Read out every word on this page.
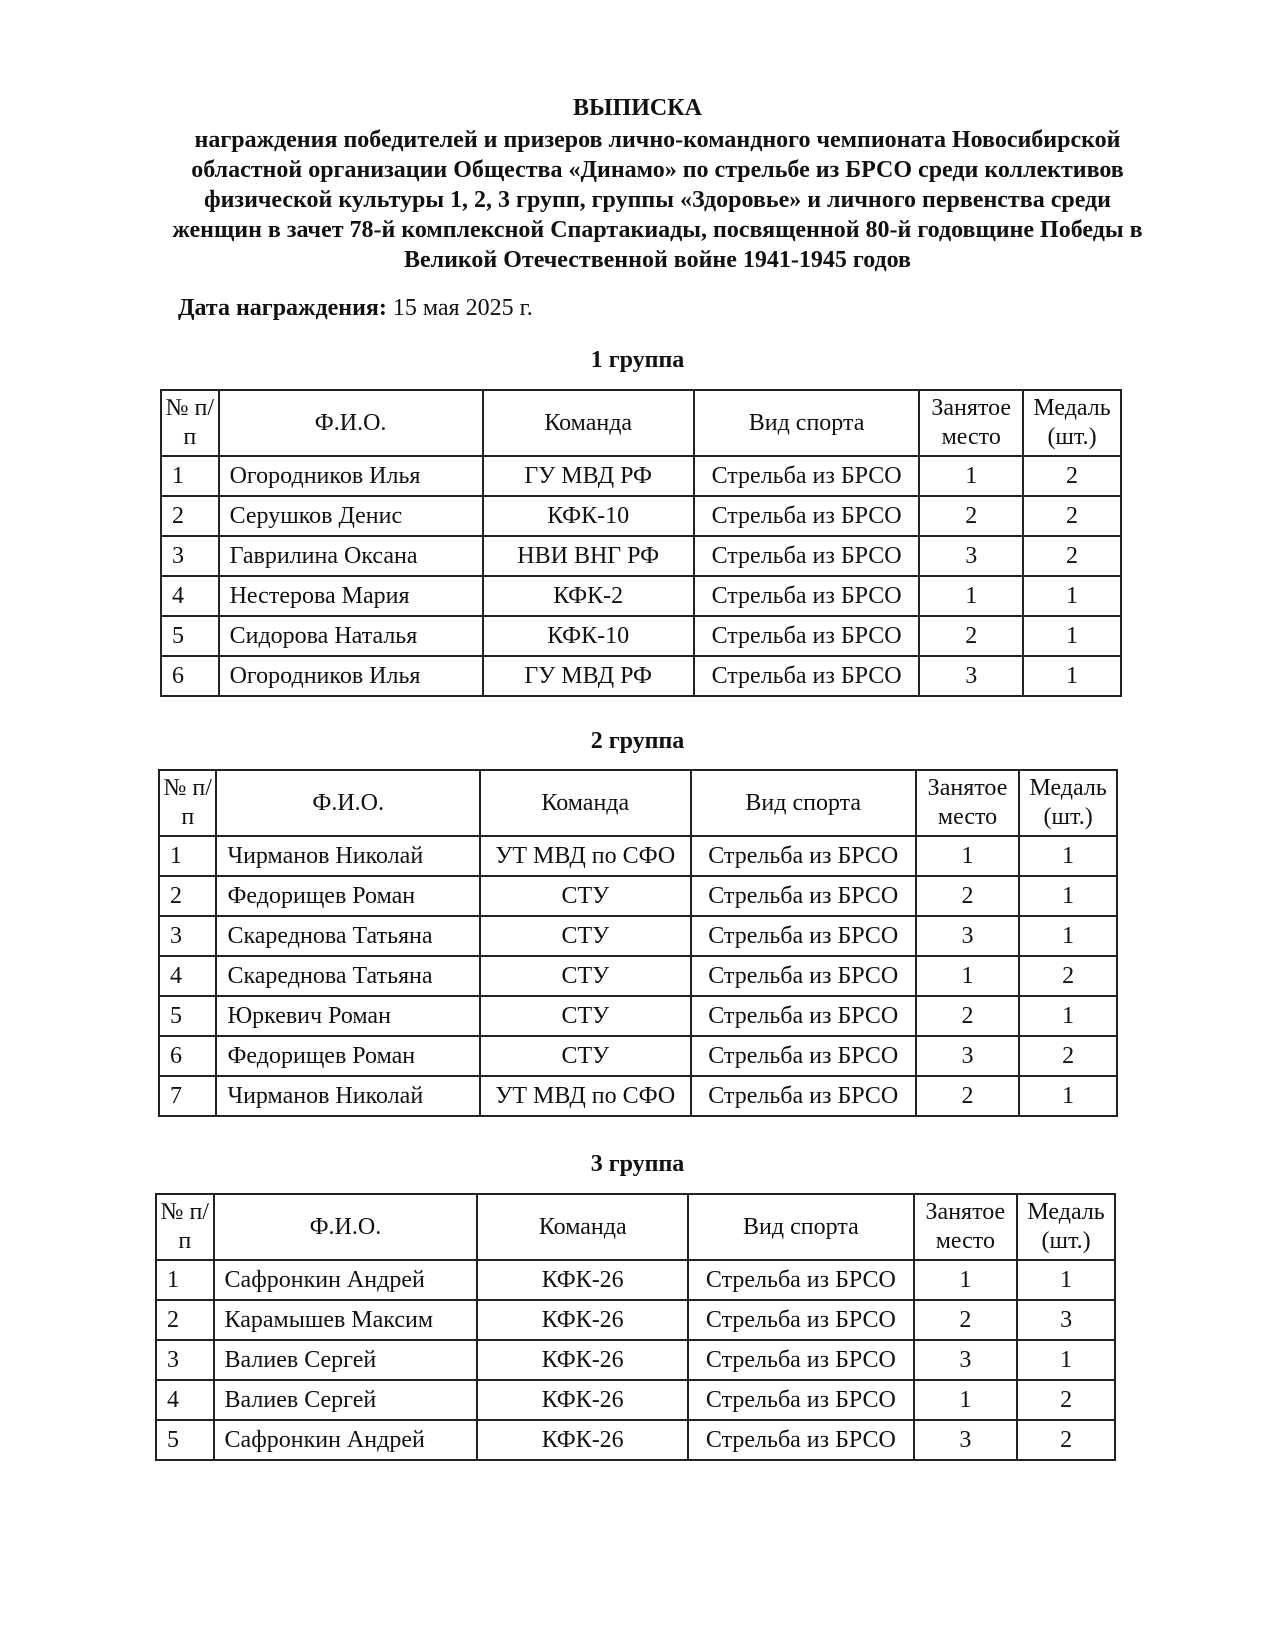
ВЫПИСКА
награждения победителей и призеров лично-командного чемпионата Новосибирской областной организации Общества «Динамо» по стрельбе из БРСО среди коллективов физической культуры 1, 2, 3 групп, группы «Здоровье» и личного первенства среди женщин в зачет 78-й комплексной Спартакиады, посвященной 80-й годовщине Победы в Великой Отечественной войне 1941-1945 годов
Дата награждения: 15 мая 2025 г.
1 группа
№ п/п	Ф.И.О.	Команда	Вид спорта	Занятое место	Медаль (шт.)
1	Огородников Илья	ГУ МВД РФ	Стрельба из БРСО	1	2
2	Серушков Денис	КФК-10	Стрельба из БРСО	2	2
3	Гаврилина Оксана	НВИ ВНГ РФ	Стрельба из БРСО	3	2
4	Нестерова Мария	КФК-2	Стрельба из БРСО	1	1
5	Сидорова Наталья	КФК-10	Стрельба из БРСО	2	1
6	Огородников Илья	ГУ МВД РФ	Стрельба из БРСО	3	1
2 группа
№ п/п	Ф.И.О.	Команда	Вид спорта	Занятое место	Медаль (шт.)
1	Чирманов Николай	УТ МВД по СФО	Стрельба из БРСО	1	1
2	Федорищев Роман	СТУ	Стрельба из БРСО	2	1
3	Скареднова Татьяна	СТУ	Стрельба из БРСО	3	1
4	Скареднова Татьяна	СТУ	Стрельба из БРСО	1	2
5	Юркевич Роман	СТУ	Стрельба из БРСО	2	1
6	Федорищев Роман	СТУ	Стрельба из БРСО	3	2
7	Чирманов Николай	УТ МВД по СФО	Стрельба из БРСО	2	1
3 группа
№ п/п	Ф.И.О.	Команда	Вид спорта	Занятое место	Медаль (шт.)
1	Сафронкин Андрей	КФК-26	Стрельба из БРСО	1	1
2	Карамышев Максим	КФК-26	Стрельба из БРСО	2	3
3	Валиев Сергей	КФК-26	Стрельба из БРСО	3	1
4	Валиев Сергей	КФК-26	Стрельба из БРСО	1	2
5	Сафронкин Андрей	КФК-26	Стрельба из БРСО	3	2
